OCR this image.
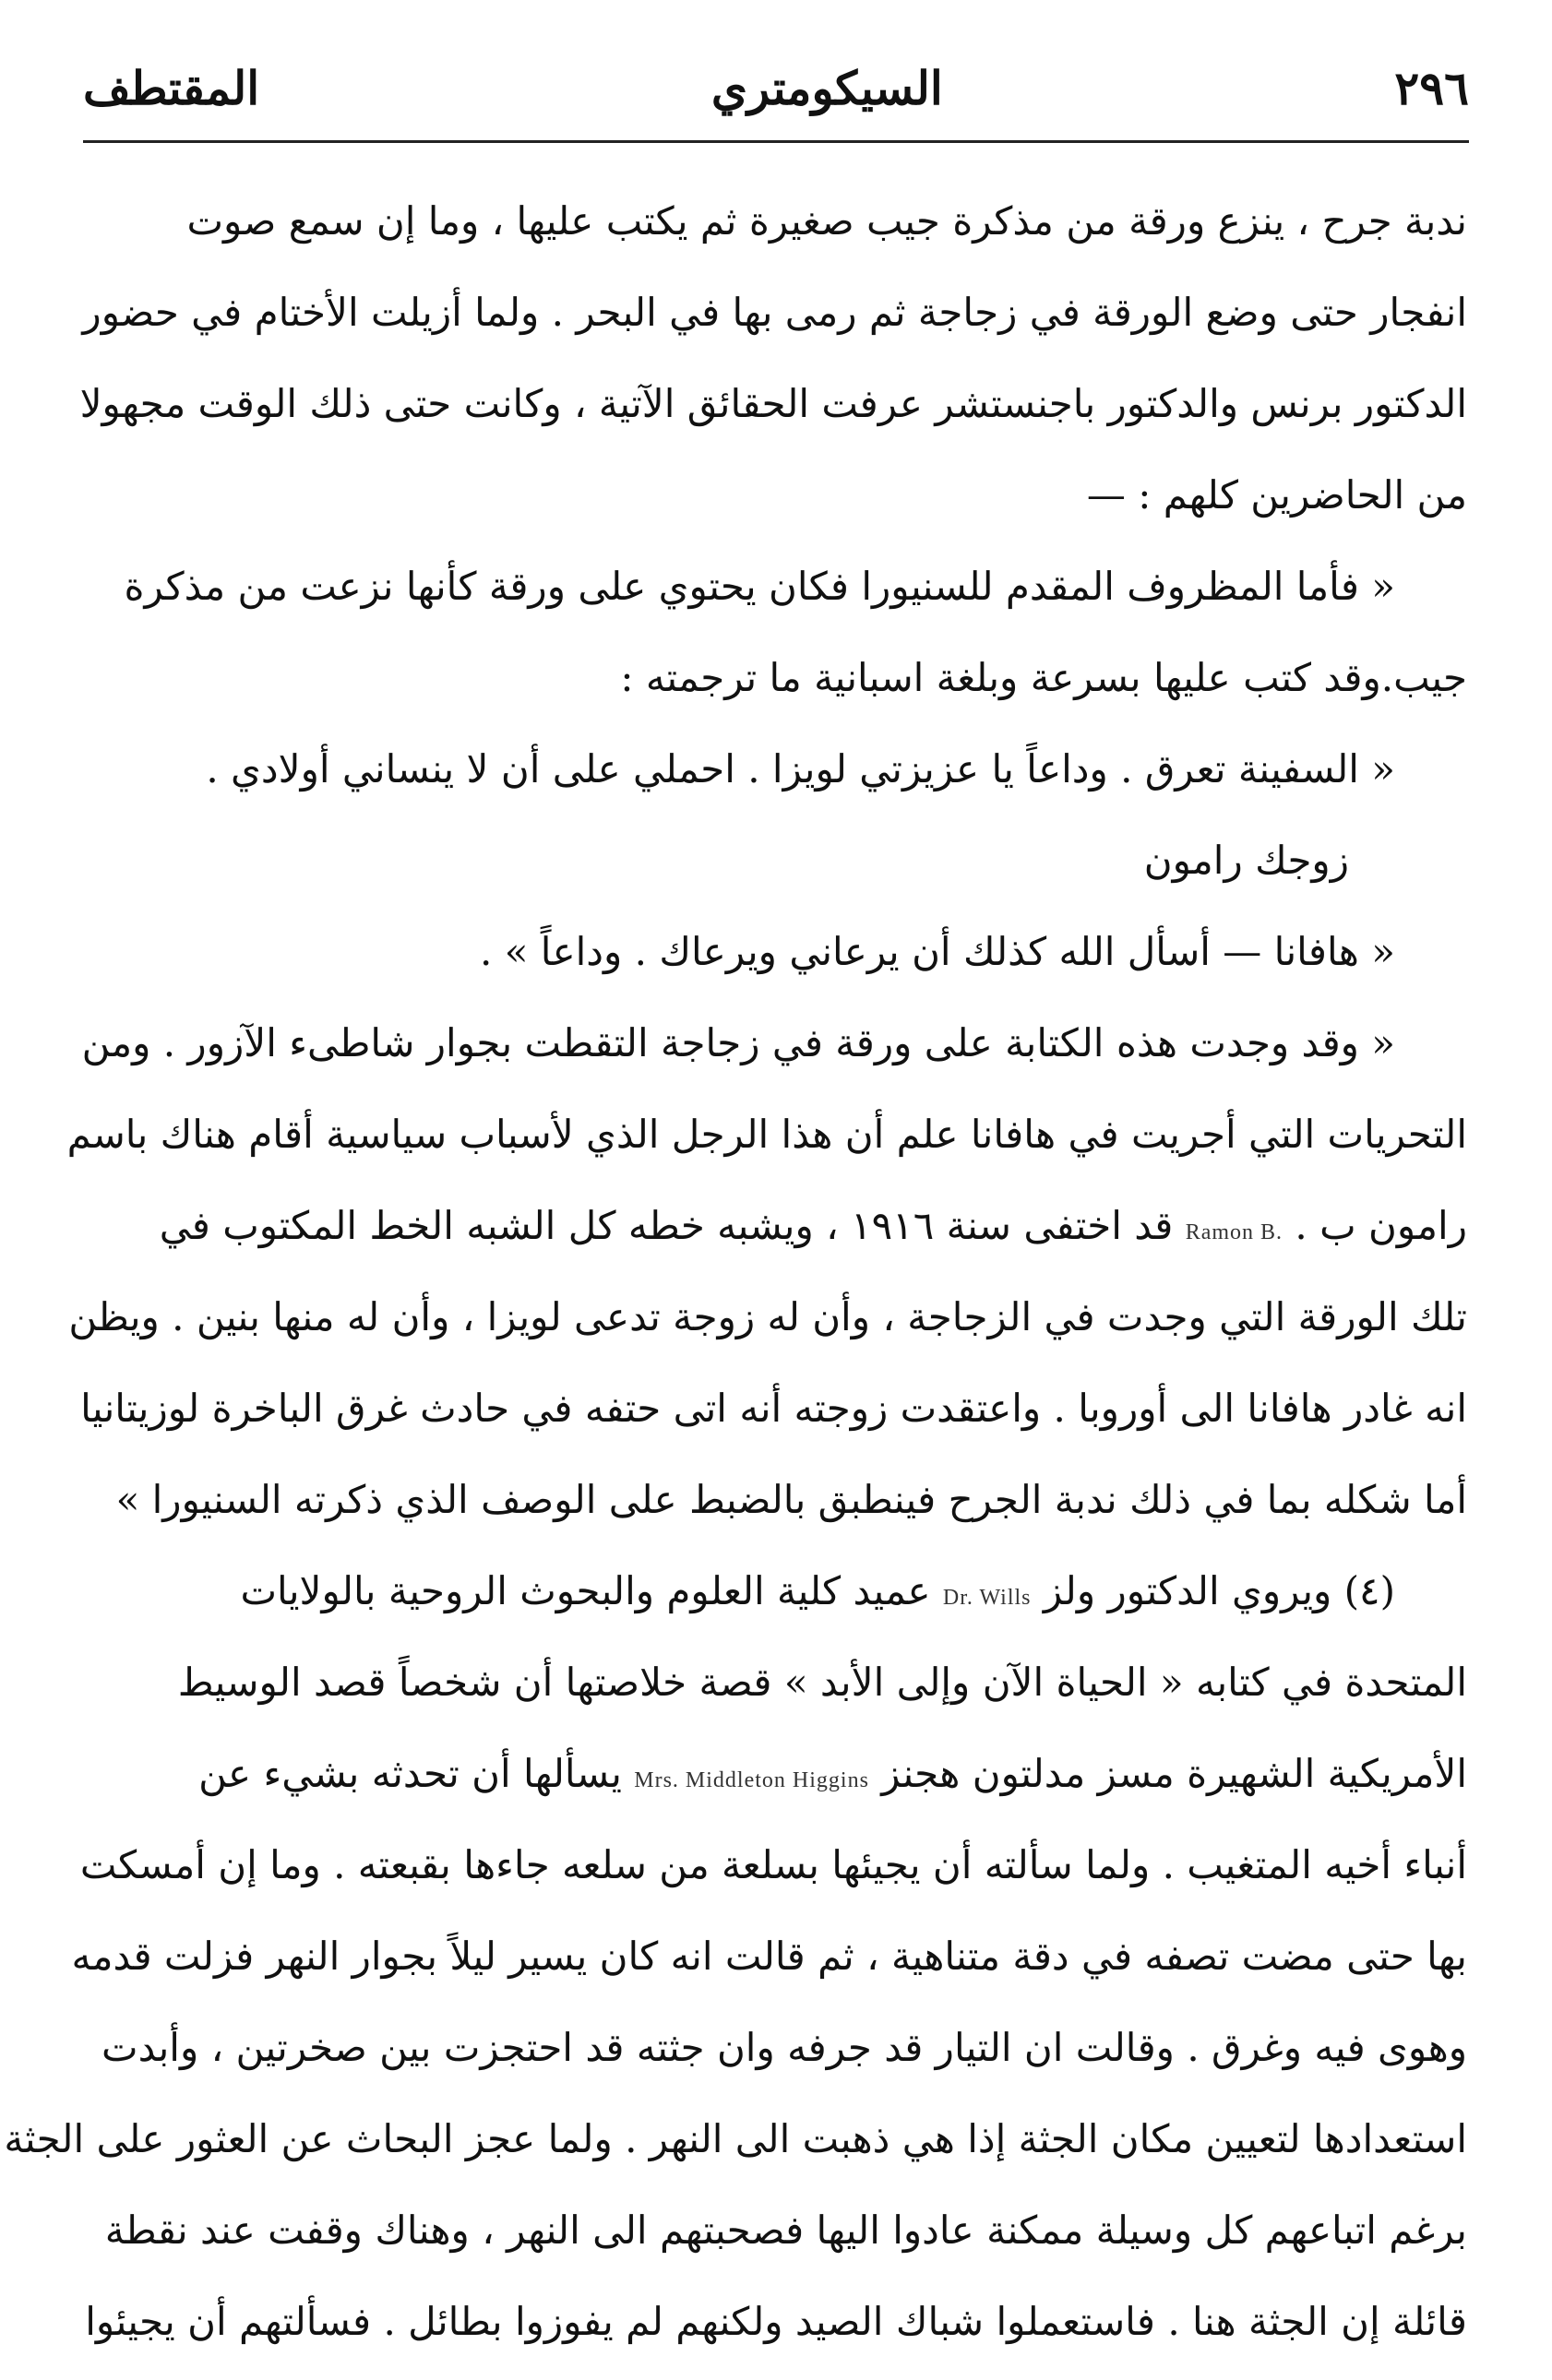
٢٩٦
السيكومتري
المقتطف
ندبة جرح ، ينزع ورقة من مذكرة جيب صغيرة ثم يكتب عليها ، وما إن سمع صوت
انفجار حتى وضع الورقة في زجاجة ثم رمى بها في البحر . ولما أزيلت الأختام في حضور
الدكتور برنس والدكتور باجنستشر عرفت الحقائق الآتية ، وكانت حتى ذلك الوقت مجهولا
من الحاضرين كلهم : —
« فأما المظروف المقدم للسنيورا فكان يحتوي على ورقة كأنها نزعت من مذكرة
جيب.وقد كتب عليها بسرعة وبلغة اسبانية ما ترجمته :
« السفينة تعرق . وداعاً يا عزيزتي لويزا . احملي على أن لا ينساني أولادي .
زوجك رامون
« هافانا — أسأل الله كذلك أن يرعاني ويرعاك . وداعاً » .
« وقد وجدت هذه الكتابة على ورقة في زجاجة التقطت بجوار شاطىء الآزور . ومن
التحريات التي أجريت في هافانا علم أن هذا الرجل الذي لأسباب سياسية أقام هناك باسم
رامون ب . Ramon B. قد اختفى سنة ١٩١٦ ، ويشبه خطه كل الشبه الخط المكتوب في
تلك الورقة التي وجدت في الزجاجة ، وأن له زوجة تدعى لويزا ، وأن له منها بنين . ويظن
انه غادر هافانا الى أوروبا . واعتقدت زوجته أنه اتى حتفه في حادث غرق الباخرة لوزيتانيا
أما شكله بما في ذلك ندبة الجرح فينطبق بالضبط على الوصف الذي ذكرته السنيورا »
(٤) ويروي الدكتور ولز Dr. Wills عميد كلية العلوم والبحوث الروحية بالولايات
المتحدة في كتابه « الحياة الآن وإلى الأبد » قصة خلاصتها أن شخصاً قصد الوسيط
الأمريكية الشهيرة مسز مدلتون هجنز Mrs. Middleton Higgins يسألها أن تحدثه بشيء عن
أنباء أخيه المتغيب . ولما سألته أن يجيئها بسلعة من سلعه جاءها بقبعته . وما إن أمسكت
بها حتى مضت تصفه في دقة متناهية ، ثم قالت انه كان يسير ليلاً بجوار النهر فزلت قدمه
وهوى فيه وغرق . وقالت ان التيار قد جرفه وان جثته قد احتجزت بين صخرتين ، وأبدت
استعدادها لتعيين مكان الجثة إذا هي ذهبت الى النهر . ولما عجز البحاث عن العثور على الجثة
برغم اتباعهم كل وسيلة ممكنة عادوا اليها فصحبتهم الى النهر ، وهناك وقفت عند نقطة
قائلة إن الجثة هنا . فاستعملوا شباك الصيد ولكنهم لم يفوزوا بطائل . فسألتهم أن يجيئوا
